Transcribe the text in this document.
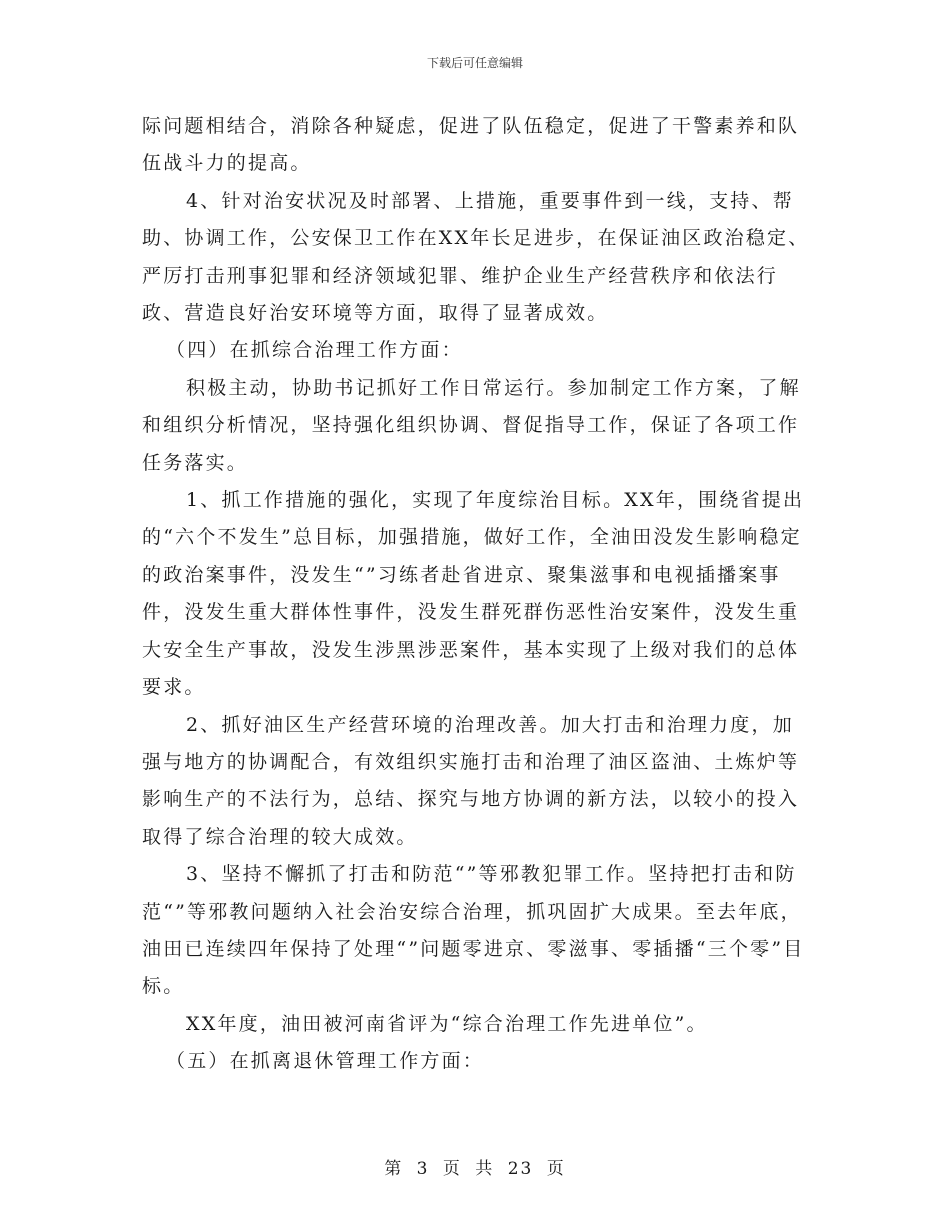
下载后可任意编辑

际问题相结合，消除各种疑虑，促进了队伍稳定，促进了干警素养和队伍战斗力的提高。

4、针对治安状况及时部署、上措施，重要事件到一线，支持、帮助、协调工作，公安保卫工作在XX年长足进步，在保证油区政治稳定、严厉打击刑事犯罪和经济领域犯罪、维护企业生产经营秩序和依法行政、营造良好治安环境等方面，取得了显著成效。

（四）在抓综合治理工作方面：

积极主动，协助书记抓好工作日常运行。参加制定工作方案，了解和组织分析情况，坚持强化组织协调、督促指导工作，保证了各项工作任务落实。

1、抓工作措施的强化，实现了年度综治目标。XX年，围绕省提出的“六个不发生”总目标，加强措施，做好工作，全油田没发生影响稳定的政治案事件，没发生“”习练者赴省进京、聚集滋事和电视插播案事件，没发生重大群体性事件，没发生群死群伤恶性治安案件，没发生重大安全生产事故，没发生涉黑涉恶案件，基本实现了上级对我们的总体要求。

2、抓好油区生产经营环境的治理改善。加大打击和治理力度，加强与地方的协调配合，有效组织实施打击和治理了油区盗油、土炼炉等影响生产的不法行为，总结、探究与地方协调的新方法，以较小的投入取得了综合治理的较大成效。

3、坚持不懈抓了打击和防范“”等邪教犯罪工作。坚持把打击和防范“”等邪教问题纳入社会治安综合治理，抓巩固扩大成果。至去年底，油田已连续四年保持了处理“”问题零进京、零滋事、零插播“三个零”目标。

XX年度，油田被河南省评为“综合治理工作先进单位”。

（五）在抓离退休管理工作方面：

第 3 页 共 23 页
